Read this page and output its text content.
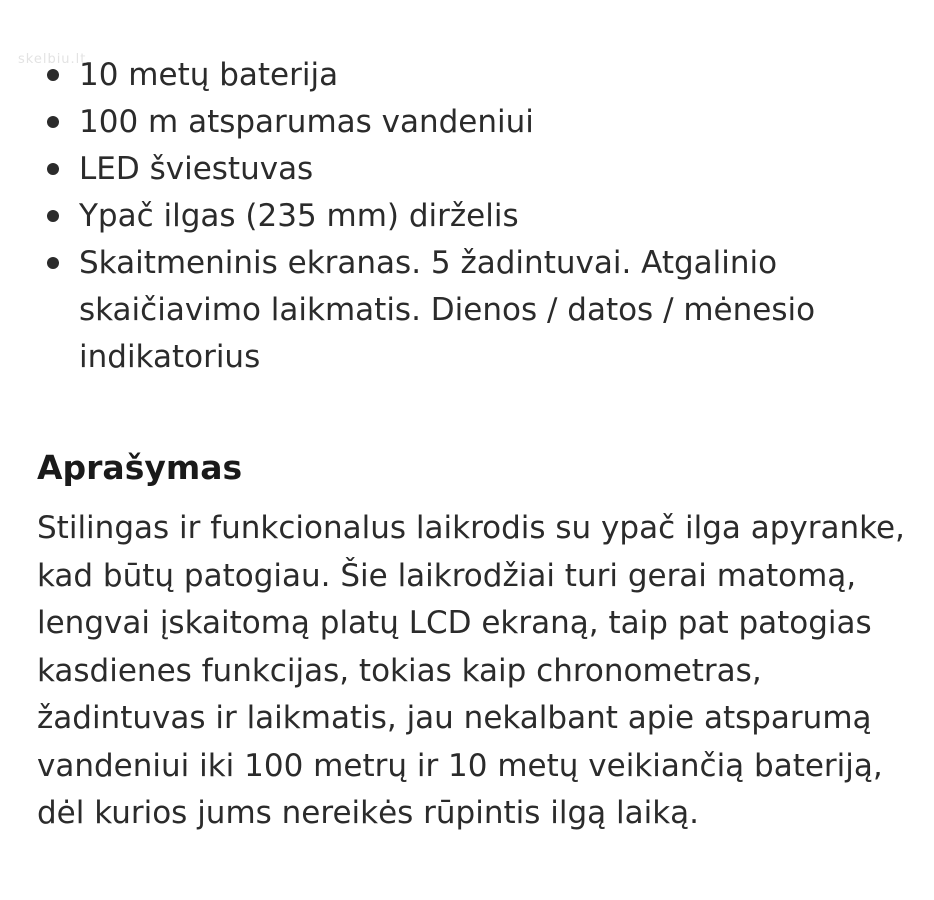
skelbiu.lt
10 metų baterija
100 m atsparumas vandeniui
LED šviestuvas
Ypač ilgas (235 mm) dirželis
Skaitmeninis ekranas. 5 žadintuvai. Atgalinio skaičiavimo laikmatis. Dienos / datos / mėnesio indikatorius
Aprašymas

Stilingas ir funkcionalus laikrodis su ypač ilga apyranke, kad būtų patogiau. Šie laikrodžiai turi gerai matomą, lengvai įskaitomą platų LCD ekraną, taip pat patogias kasdienes funkcijas, tokias kaip chronometras, žadintuvas ir laikmatis, jau nekalbant apie atsparumą vandeniui iki 100 metrų ir 10 metų veikiančią bateriją, dėl kurios jums nereikės rūpintis ilgą laiką.
